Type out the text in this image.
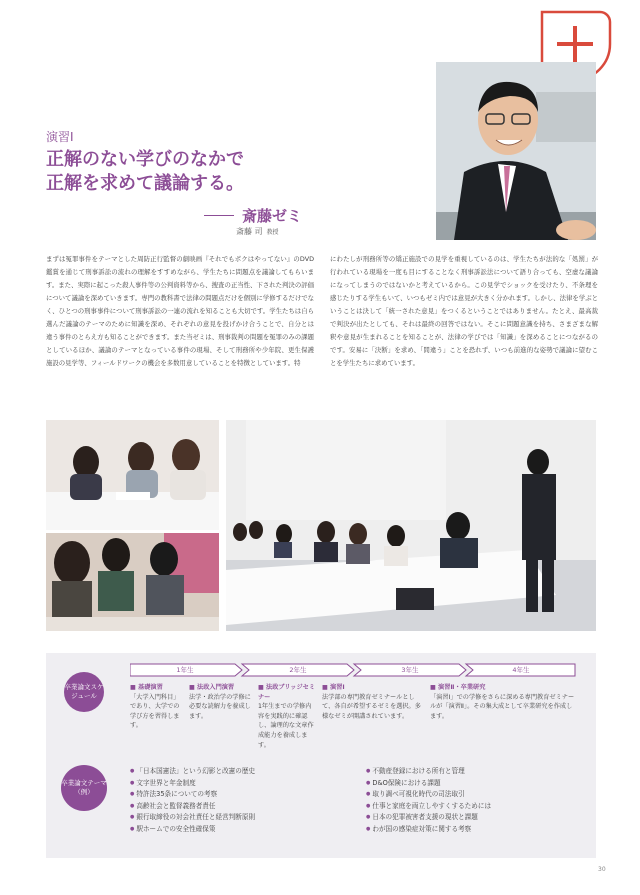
演習Ⅰ
正解のない学びのなかで
正解を求めて議論する。
斎藤ゼミ
斎藤 司 教授

まずは冤罪事件をテーマとした周防正行監督の劇映画『それでもボクはやってない』のDVD鑑賞を通じて刑事訴訟の流れの理解をすすめながら、学生たちに問題点を議論してもらいます。また、実際に起こった殺人事件等の公判資料等から、捜査の正当性、下された判決の評価について議論を深めていきます。専門の教科書で法律の問題点だけを個別に学修するだけでなく、ひとつの刑事事件について刑事訴訟の一連の流れを知ることも大切です。学生たちは自ら選んだ議論のテーマのために知識を深め、それぞれの意見を投げかけ合うことで、自分とは違う事件のとらえ方も知ることができます。また当ゼミは、刑事裁判の問題を冤罪のみの課題としているほか、議論のテーマとなっている事件の現場、そして刑務所や少年院、更生保護施設の見学等、フィールドワークの機会を多数用意していることを特徴としています。特

にわたしが刑務所等の矯正施設での見学を重視しているのは、学生たちが法的な「処罰」が行われている現場を一度も目にすることなく刑事訴訟法について語り合っても、空虚な議論になってしまうのではないかと考えているから。この見学でショックを受けたり、不条理を感じたりする学生もいて、いつもゼミ内では意見が大きく分かれます。しかし、法律を学ぶということは決して「統一された意見」をつくるということではありません。たとえ、最高裁で判決が出たとしても、それは最終の回答ではない。そこに問題意識を持ち、さまざまな解釈や意見が生まれることを知ることが、法律の学びでは「知識」を深めることにつながるのです。安易に「決断」を求め、「間違う」ことを恐れず、いつも前進的な姿勢で議論に望むことを学生たちに求めています。

卒業論文スケジュール
1年生	2年生	3年生	4年生
■ 基礎演習
「大学入門科目」であり、大学での学び方を習得します。
■ 法政入門演習
法学・政治学の学修に必要な読解力を養成します。
■ 法政ブリッジセミナー
1年生までの学修内容を実践的に確認し、論理的な文章作成能力を養成します。
■ 演習Ⅰ
法学部の専門教育ゼミナールとして、各自が希望するゼミを選択。多様なゼミが開講されています。
■ 演習Ⅱ・卒業研究
「演習Ⅰ」での学修をさらに深める専門教育ゼミナールが「演習Ⅱ」。その集大成として卒業研究を作成します。
卒業論文テーマ（例）
● 「日本国憲法」という幻影と改憲の歴史
● 文字世界と年金制度
● 特許法35条についての考察
● 高齢社会と監督義務者責任
● 銀行取締役の対会社責任と経営判断原則
● 駅ホームでの安全性確保策
● 不動産登録における所有と管理
● D&O保険における課題
● 取り調べ可視化時代の司法取引
● 仕事と家庭を両立しやすくするためには
● 日本の犯罪被害者支援の現状と課題
● わが国の感染症対策に関する考察
30
